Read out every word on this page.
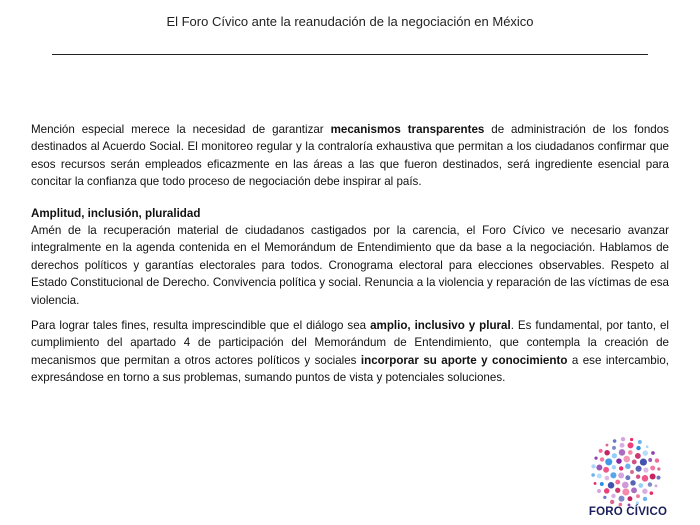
El Foro Cívico ante la reanudación de la negociación en México

Mención especial merece la necesidad de garantizar mecanismos transparentes de administración de los fondos destinados al Acuerdo Social. El monitoreo regular y la contraloría exhaustiva que permitan a los ciudadanos confirmar que esos recursos serán empleados eficazmente en las áreas a las que fueron destinados, será ingrediente esencial para concitar la confianza que todo proceso de negociación debe inspirar al país.

Amplitud, inclusión, pluralidad

Amén de la recuperación material de ciudadanos castigados por la carencia, el Foro Cívico ve necesario avanzar integralmente en la agenda contenida en el Memorándum de Entendimiento que da base a la negociación. Hablamos de derechos políticos y garantías electorales para todos. Cronograma electoral para elecciones observables. Respeto al Estado Constitucional de Derecho. Convivencia política y social. Renuncia a la violencia y reparación de las víctimas de esa violencia.

Para lograr tales fines, resulta imprescindible que el diálogo sea amplio, inclusivo y plural. Es fundamental, por tanto, el cumplimiento del apartado 4 de participación del Memorándum de Entendimiento, que contempla la creación de mecanismos que permitan a otros actores políticos y sociales incorporar su aporte y conocimiento a ese intercambio, expresándose en torno a sus problemas, sumando puntos de vista y potenciales soluciones.

FORO CÍVICO
